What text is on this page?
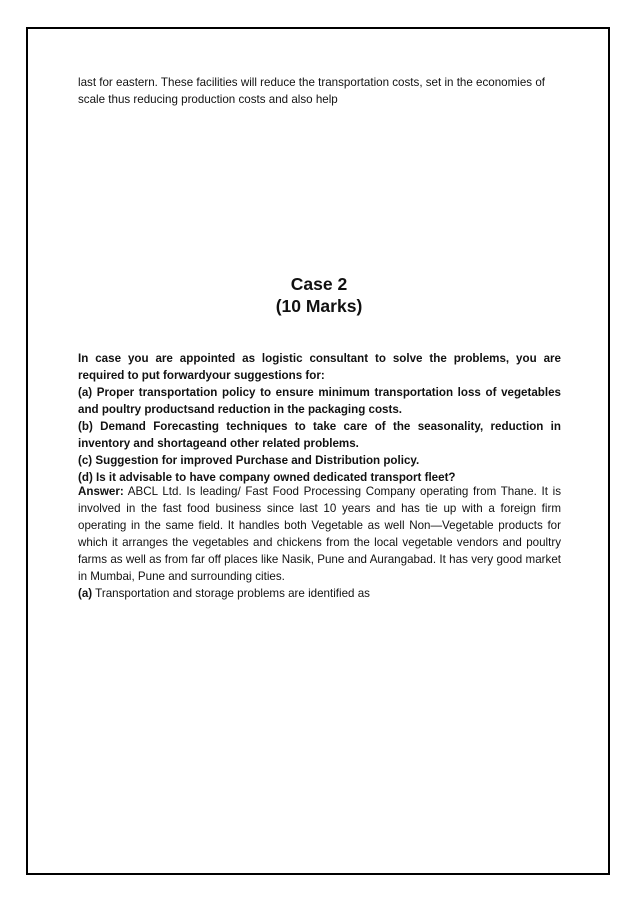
last for eastern. These facilities will reduce the transportation costs, set in the economies of scale thus reducing production costs and also help

Case 2
(10 Marks)

In case you are appointed as logistic consultant to solve the problems, you are required to put forwardyour suggestions for:

(a) Proper transportation policy to ensure minimum transportation loss of vegetables and poultry productsand reduction in the packaging costs.

(b) Demand Forecasting techniques to take care of the seasonality, reduction in inventory and shortageand other related problems.

(c) Suggestion for improved Purchase and Distribution policy.

(d) Is it advisable to have company owned dedicated transport fleet?

Answer: ABCL Ltd. Is leading/ Fast Food Processing Company operating from Thane. It is involved in the fast food business since last 10 years and has tie up with a foreign firm operating in the same field. It handles both Vegetable as well Non—Vegetable products for which it arranges the vegetables and chickens from the local vegetable vendors and poultry farms as well as from far off places like Nasik, Pune and Aurangabad. It has very good market in Mumbai, Pune and surrounding cities.

(a) Transportation and storage problems are identified as
